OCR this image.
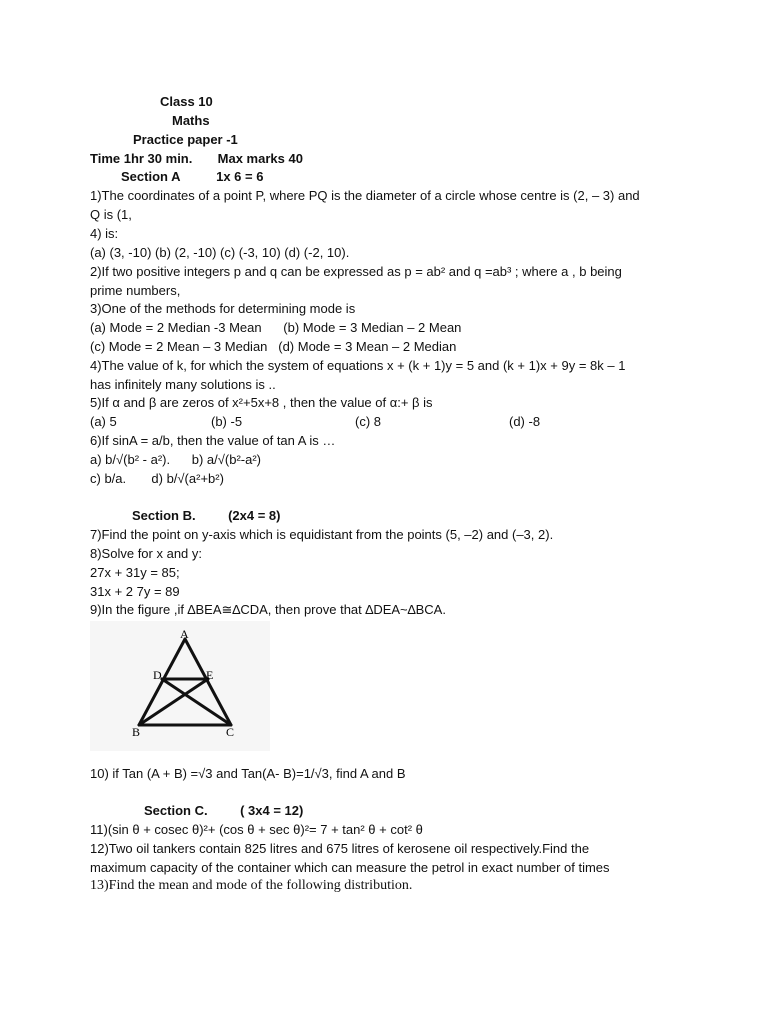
Class 10
Maths
Practice paper -1
Time 1hr 30 min.       Max marks 40
Section A          1x 6 = 6
1)The coordinates of a point P, where PQ is the diameter of a circle whose centre is (2, – 3) and
Q is (1,
4) is:
(a) (3, -10) (b) (2, -10) (c) (-3, 10) (d) (-2, 10).
2)If two positive integers p and q can be expressed as p = ab² and q =ab³ ; where a , b being
prime numbers,
3)One of the methods for determining mode is
(a) Mode = 2 Median -3 Mean      (b) Mode = 3 Median – 2 Mean
(c) Mode = 2 Mean – 3 Median   (d) Mode = 3 Mean – 2 Median
4)The value of k, for which the system of equations x + (k + 1)y = 5 and (k + 1)x + 9y = 8k – 1
has infinitely many solutions is ..
5)If α and β are zeros of x²+5x+8 , then the value of α:+ β is
(a) 5	(b) -5	(c) 8	(d) -8
6)If sinA = a/b, then the value of tan A is …
a) b/√(b² - a²).      b) a/√(b²-a²)
c) b/a.       d) b/√(a²+b²)
Section B.         (2x4 = 8)
7)Find the point on y-axis which is equidistant from the points (5, –2) and (–3, 2).
8)Solve for x and y:
27x + 31y = 85;
31x + 2 7y = 89
9)In the figure ,if ∆BEA≅∆CDA, then prove that ∆DEA~∆BCA.
A
D	E
B	C
10) if Tan (A + B) =√3 and Tan(A- B)=1/√3, find A and B
Section C.         ( 3x4 = 12)
11)(sin θ + cosec θ)²+ (cos θ + sec θ)²= 7 + tan² θ + cot² θ
12)Two oil tankers contain 825 litres and 675 litres of kerosene oil respectively.Find the
maximum capacity of the container which can measure the petrol in exact number of times
13)Find the mean and mode of the following distribution.
